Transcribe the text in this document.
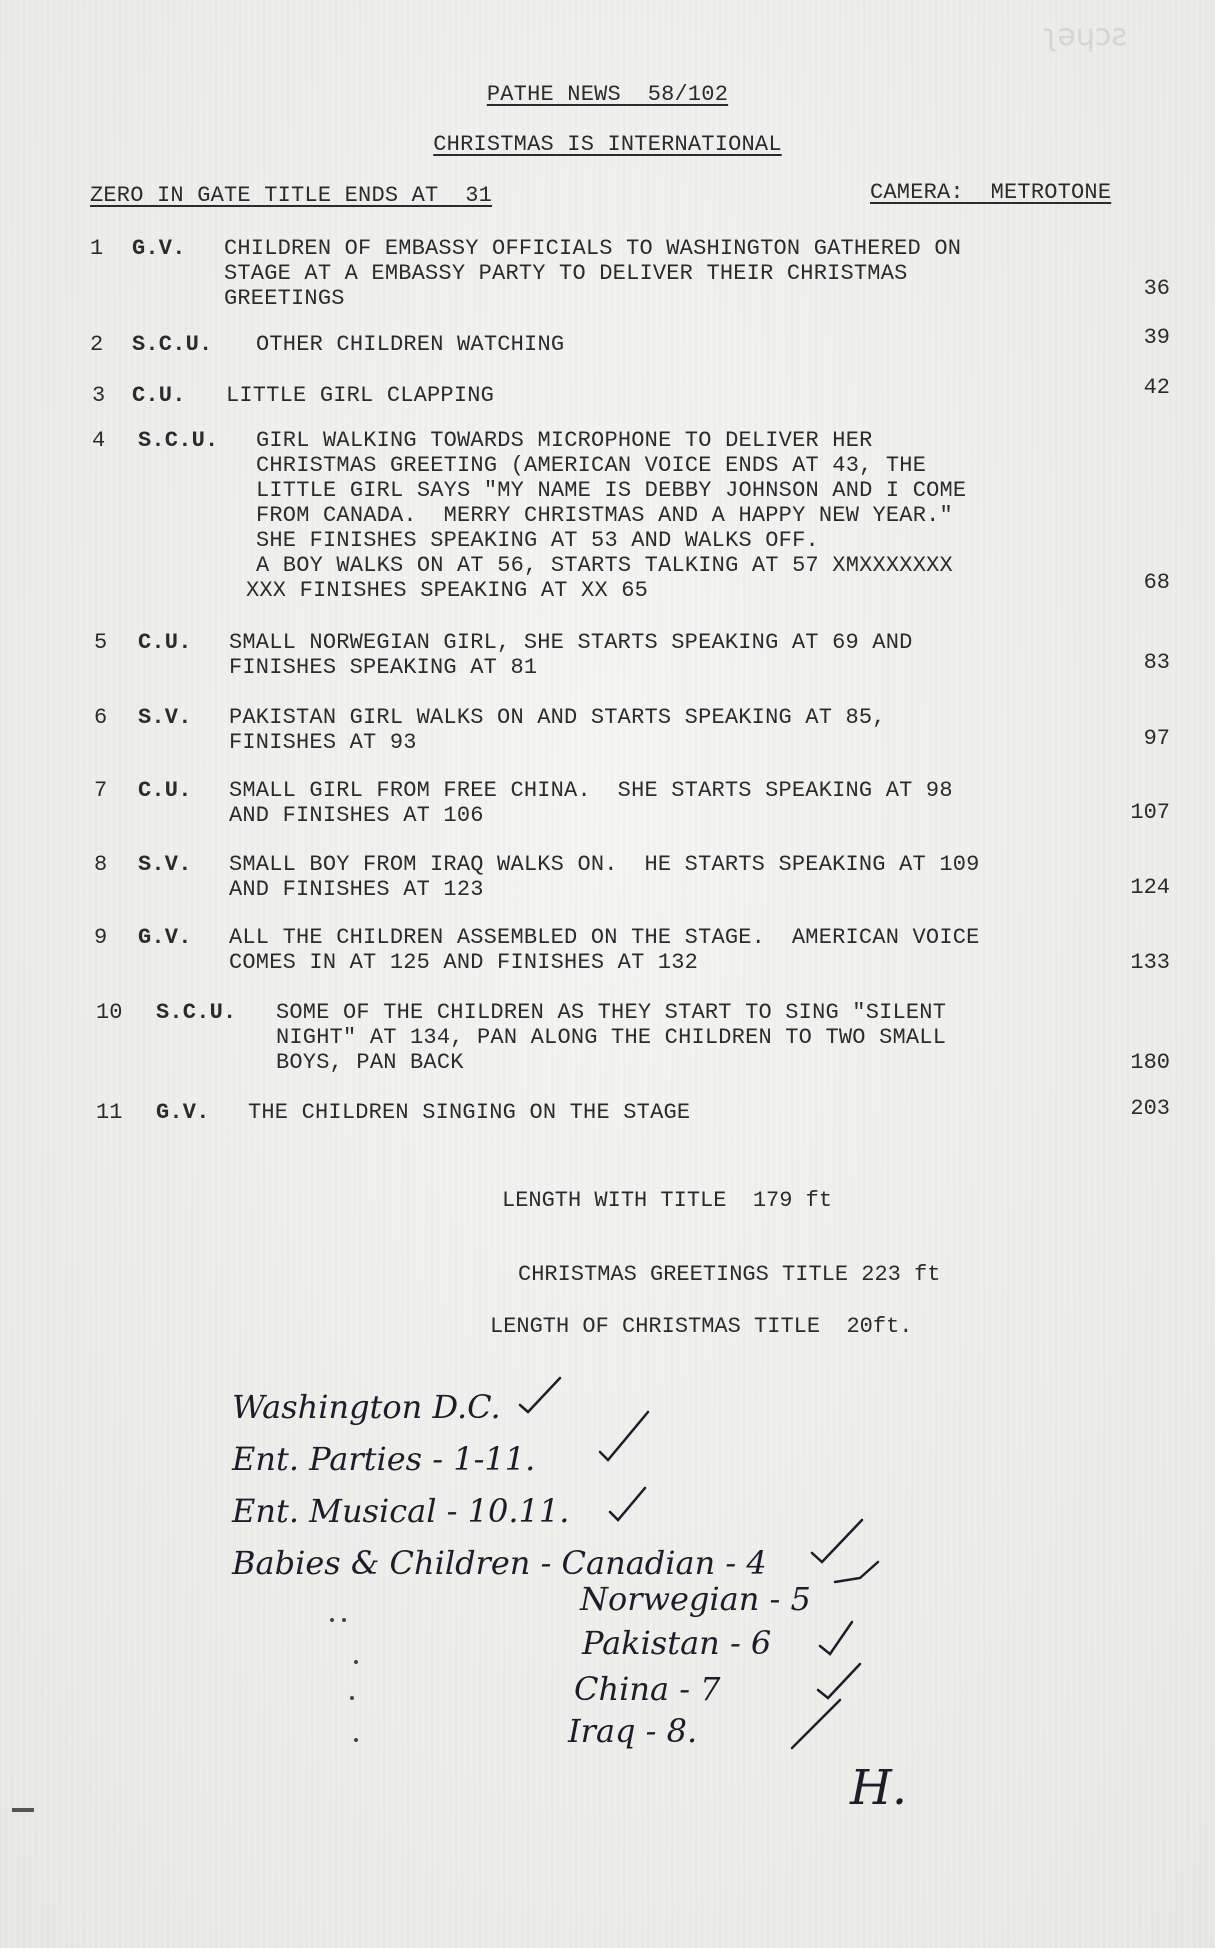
ʅǝɥɔƨ
PATHE NEWS  58/102
CHRISTMAS IS INTERNATIONAL
ZERO IN GATE TITLE ENDS AT  31	CAMERA:  METROTONE
1 G.V. CHILDREN OF EMBASSY OFFICIALS TO WASHINGTON GATHERED ON
STAGE AT A EMBASSY PARTY TO DELIVER THEIR CHRISTMAS
GREETINGS	36
2 S.C.U. OTHER CHILDREN WATCHING	39
3 C.U. LITTLE GIRL CLAPPING	42
4 S.C.U. GIRL WALKING TOWARDS MICROPHONE TO DELIVER HER
CHRISTMAS GREETING (AMERICAN VOICE ENDS AT 43, THE
LITTLE GIRL SAYS "MY NAME IS DEBBY JOHNSON AND I COME
FROM CANADA.  MERRY CHRISTMAS AND A HAPPY NEW YEAR."
SHE FINISHES SPEAKING AT 53 AND WALKS OFF.
A BOY WALKS ON AT 56, STARTS TALKING AT 57 XMXXXXXXX
XXX FINISHES SPEAKING AT XX 65	68
5 C.U. SMALL NORWEGIAN GIRL, SHE STARTS SPEAKING AT 69 AND
FINISHES SPEAKING AT 81	83
6 S.V. PAKISTAN GIRL WALKS ON AND STARTS SPEAKING AT 85,
FINISHES AT 93	97
7 C.U. SMALL GIRL FROM FREE CHINA.  SHE STARTS SPEAKING AT 98
AND FINISHES AT 106	107
8 S.V. SMALL BOY FROM IRAQ WALKS ON.  HE STARTS SPEAKING AT 109
AND FINISHES AT 123	124
9 G.V. ALL THE CHILDREN ASSEMBLED ON THE STAGE.  AMERICAN VOICE
COMES IN AT 125 AND FINISHES AT 132	133
10 S.C.U. SOME OF THE CHILDREN AS THEY START TO SING "SILENT
NIGHT" AT 134, PAN ALONG THE CHILDREN TO TWO SMALL
BOYS, PAN BACK	180
11 G.V. THE CHILDREN SINGING ON THE STAGE	203
LENGTH WITH TITLE  179 ft
CHRISTMAS GREETINGS TITLE 223 ft
LENGTH OF CHRISTMAS TITLE  20ft.
Washington D.C.
Ent. Parties - 1-11.
Ent. Musical - 10.11.
Babies & Children - Canadian - 4
Norwegian - 5
Pakistan - 6
China - 7
Iraq - 8.
H.
